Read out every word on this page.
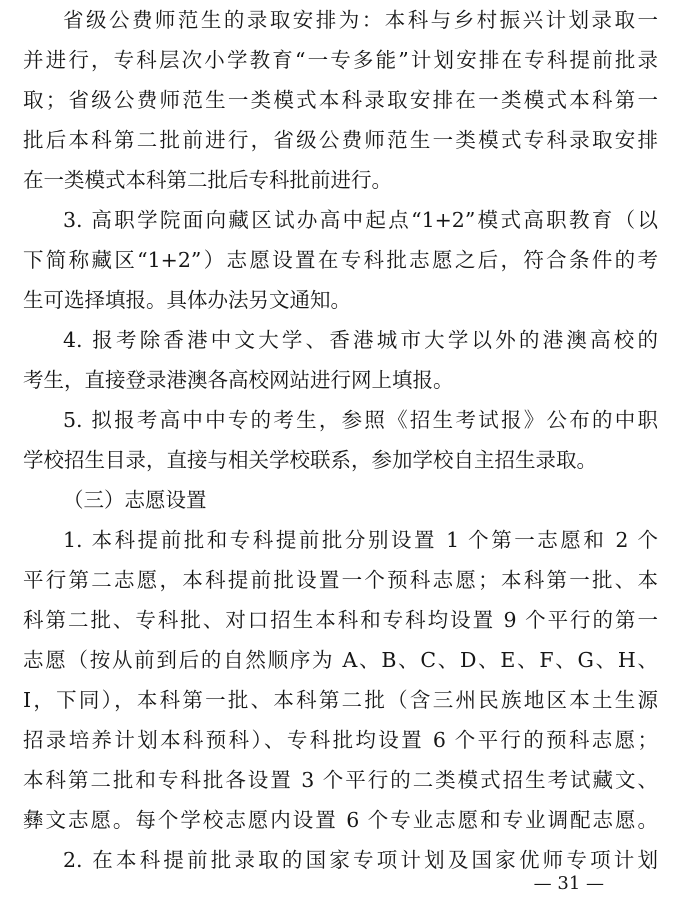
省级公费师范生的录取安排为：本科与乡村振兴计划录取一
并进行，专科层次小学教育“一专多能”计划安排在专科提前批录
取；省级公费师范生一类模式本科录取安排在一类模式本科第一
批后本科第二批前进行，省级公费师范生一类模式专科录取安排
在一类模式本科第二批后专科批前进行。
3. 高职学院面向藏区试办高中起点“1+2”模式高职教育（以
下简称藏区“1+2”）志愿设置在专科批志愿之后，符合条件的考
生可选择填报。具体办法另文通知。
4. 报考除香港中文大学、香港城市大学以外的港澳高校的
考生，直接登录港澳各高校网站进行网上填报。
5. 拟报考高中中专的考生，参照《招生考试报》公布的中职
学校招生目录，直接与相关学校联系，参加学校自主招生录取。
（三）志愿设置
1. 本科提前批和专科提前批分别设置 1 个第一志愿和 2 个
平行第二志愿，本科提前批设置一个预科志愿；本科第一批、本
科第二批、专科批、对口招生本科和专科均设置 9 个平行的第一
志愿（按从前到后的自然顺序为 A、B、C、D、E、F、G、H、
I，下同），本科第一批、本科第二批（含三州民族地区本土生源
招录培养计划本科预科）、专科批均设置 6 个平行的预科志愿；
本科第二批和专科批各设置 3 个平行的二类模式招生考试藏文、
彝文志愿。每个学校志愿内设置 6 个专业志愿和专业调配志愿。
2. 在本科提前批录取的国家专项计划及国家优师专项计划
— 31 —
